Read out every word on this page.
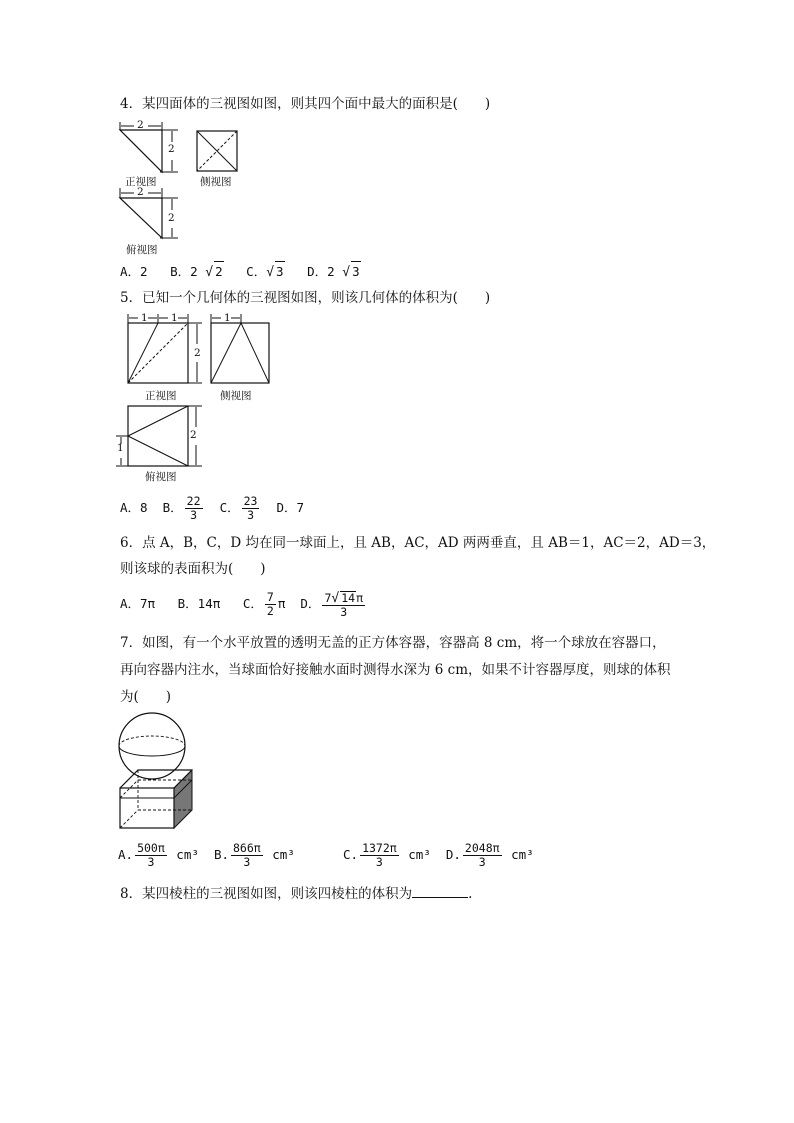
4．某四面体的三视图如图，则其四个面中最大的面积是(　　)
2
2
正视图	侧视图
2
2
俯视图
A．2 B．2 √ 2 C．√ 3 D．2 √ 3
5．已知一个几何体的三视图如图，则该几何体的体积为(　　)
1 1
2
正视图
1
侧视图
1
2
俯视图
A．8 B． $\frac{22}{3}$ C． $\frac{23}{3}$ D．7
6．点 A，B，C，D 均在同一球面上，且 AB，AC，AD 两两垂直，且 AB＝1，AC＝2，AD＝3，
则该球的表面积为(　　)
A．7π B．14π C． $\frac{7}{2}$ π D． $\frac{7√ 14\pi}{3}$
7．如图，有一个水平放置的透明无盖的正方体容器，容器高 8 cm，将一个球放在容器口，
再向容器内注水，当球面恰好接触水面时测得水深为 6 cm，如果不计容器厚度，则球的体积
为(　　)
A. $\frac{500\pi}{3} cm^3$ B. $\frac{866\pi}{3} cm^3$	C. $\frac{1372\pi}{3} cm^3$ D. $\frac{2048\pi}{3} cm^3$
8．某四棱柱的三视图如图，则该四棱柱的体积为	.
